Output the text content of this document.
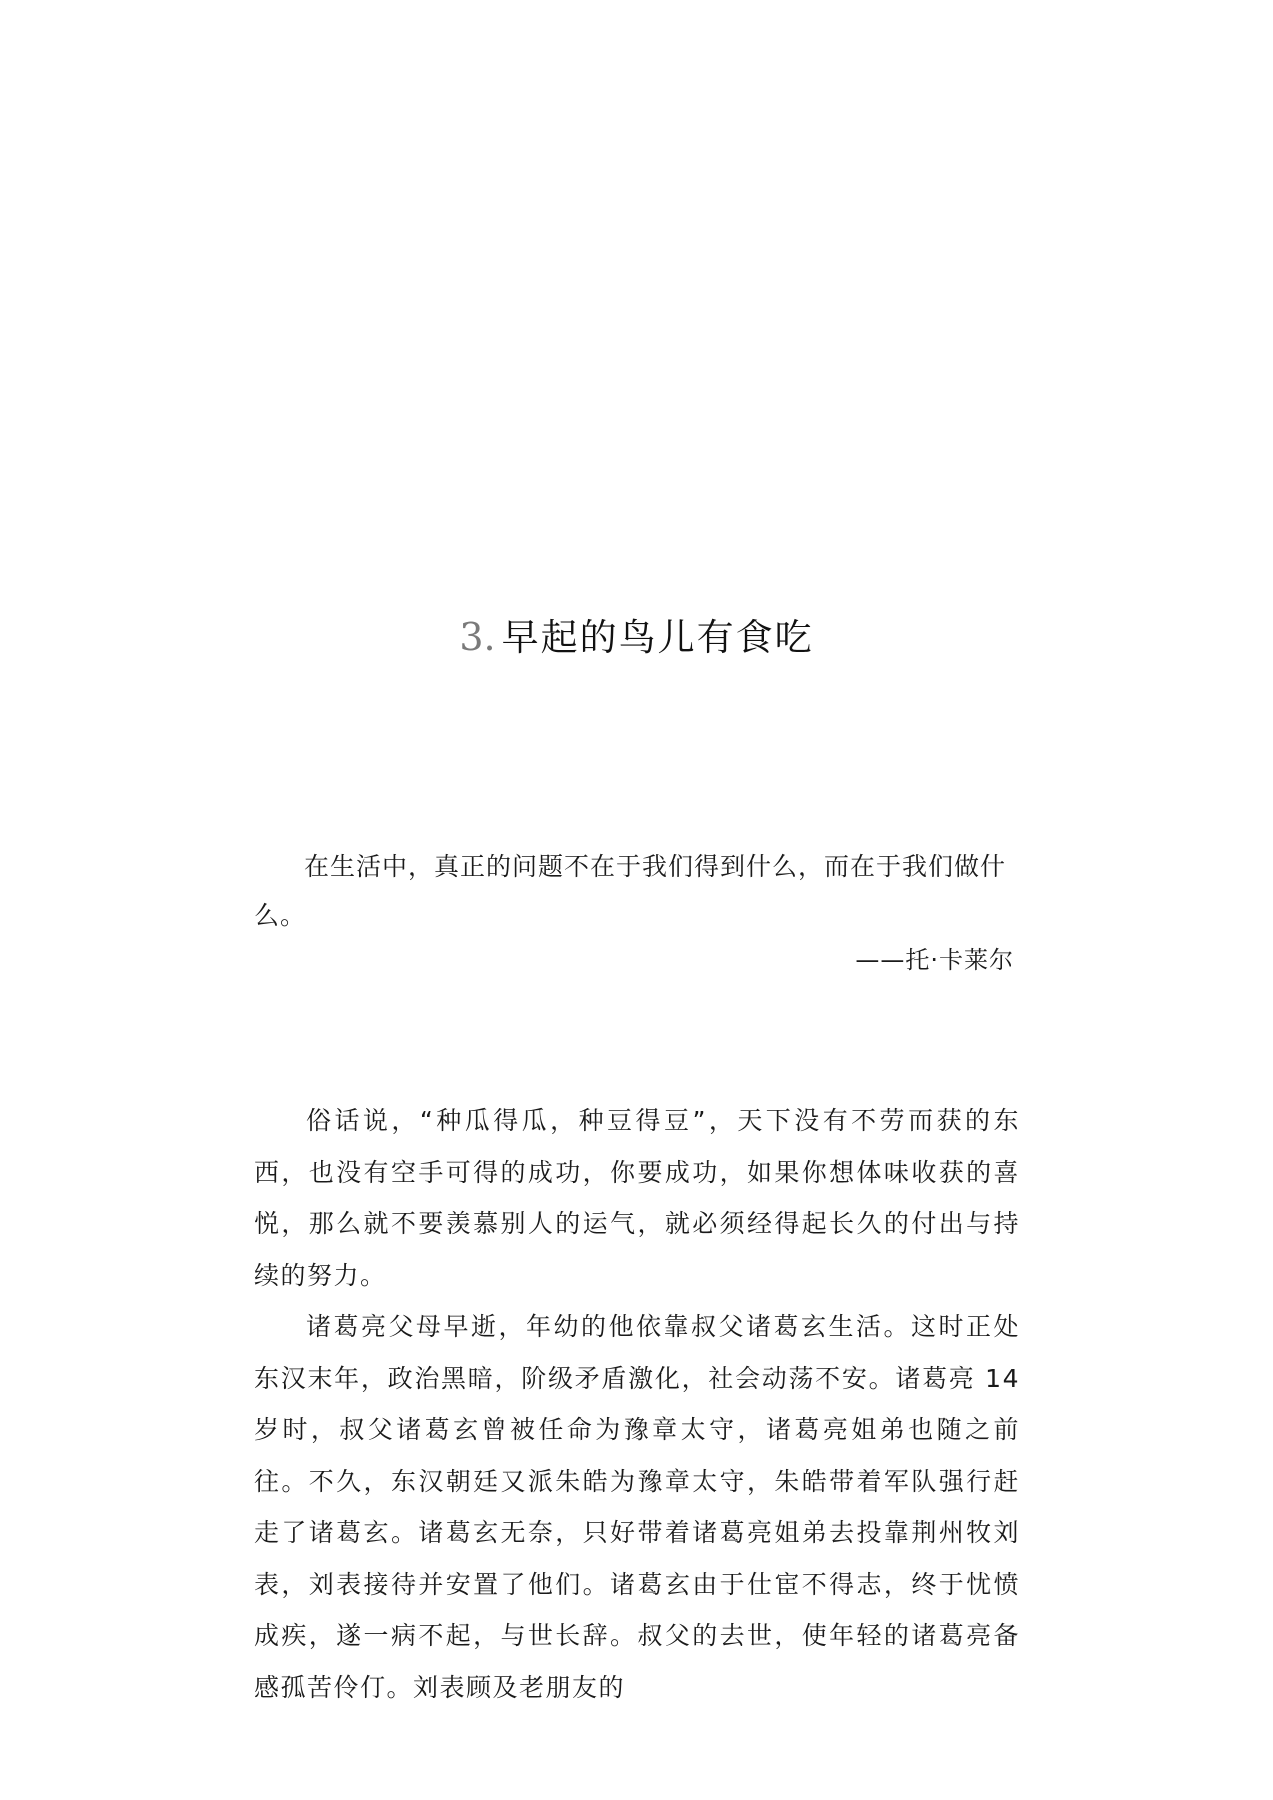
3. 早起的鸟儿有食吃

在生活中，真正的问题不在于我们得到什么，而在于我们做什么。

——托·卡莱尔

俗话说，“种瓜得瓜，种豆得豆”，天下没有不劳而获的东西，也没有空手可得的成功，你要成功，如果你想体味收获的喜悦，那么就不要羡慕别人的运气，就必须经得起长久的付出与持续的努力。

诸葛亮父母早逝，年幼的他依靠叔父诸葛玄生活。这时正处东汉末年，政治黑暗，阶级矛盾激化，社会动荡不安。诸葛亮 14 岁时，叔父诸葛玄曾被任命为豫章太守，诸葛亮姐弟也随之前往。不久，东汉朝廷又派朱皓为豫章太守，朱皓带着军队强行赶走了诸葛玄。诸葛玄无奈，只好带着诸葛亮姐弟去投靠荆州牧刘表，刘表接待并安置了他们。诸葛玄由于仕宦不得志，终于忧愤成疾，遂一病不起，与世长辞。叔父的去世，使年轻的诸葛亮备感孤苦伶仃。刘表顾及老朋友的
